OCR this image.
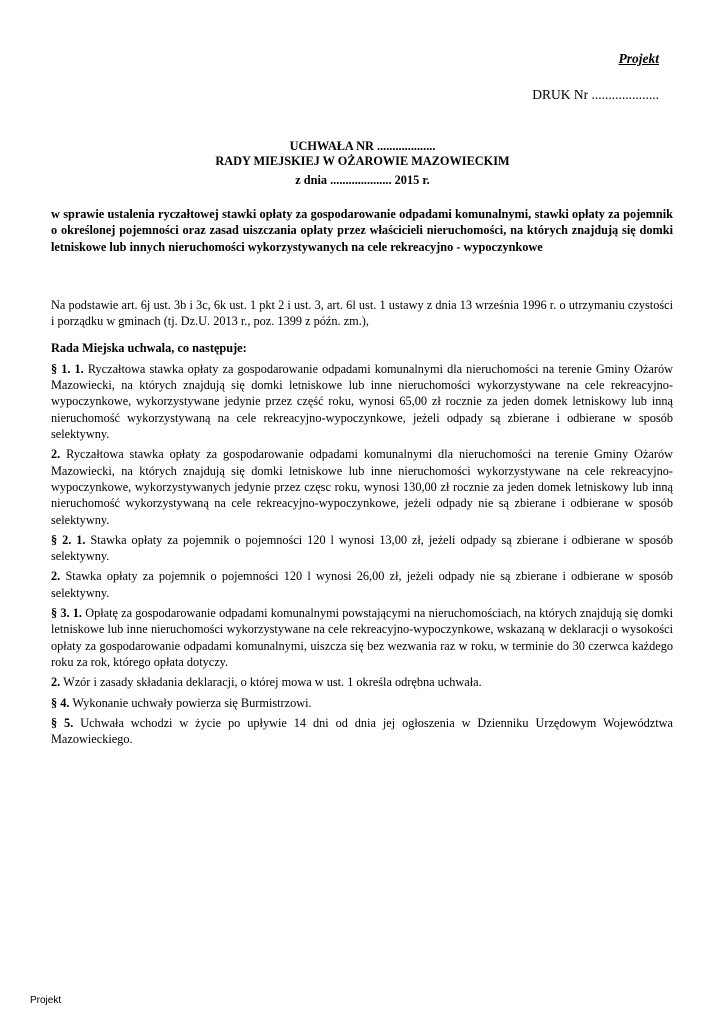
Projekt
DRUK Nr ....................
UCHWAŁA NR ...................
RADY MIEJSKIEJ W OŻAROWIE MAZOWIECKIM
z dnia .................... 2015 r.
w sprawie ustalenia ryczałtowej stawki opłaty za gospodarowanie odpadami komunalnymi, stawki opłaty za pojemnik o określonej pojemności oraz zasad uiszczania opłaty przez właścicieli nieruchomości, na których znajdują się domki letniskowe lub innych nieruchomości wykorzystywanych na cele rekreacyjno - wypoczynkowe

Na podstawie art. 6j ust. 3b i 3c, 6k ust. 1 pkt 2 i ust. 3, art. 6l ust. 1 ustawy z dnia 13 września 1996 r. o utrzymaniu czystości i porządku w gminach (tj. Dz.U. 2013 r., poz. 1399 z późn. zm.),

Rada Miejska uchwala, co następuje:

§ 1. 1. Ryczałtowa stawka opłaty za gospodarowanie odpadami komunalnymi dla nieruchomości na terenie Gminy Ożarów Mazowiecki, na których znajdują się domki letniskowe lub inne nieruchomości wykorzystywane na cele rekreacyjno-wypoczynkowe, wykorzystywane jedynie przez część roku, wynosi 65,00 zł rocznie za jeden domek letniskowy lub inną nieruchomość wykorzystywaną na cele rekreacyjno-wypoczynkowe, jeżeli odpady są zbierane i odbierane w sposób selektywny.

2. Ryczałtowa stawka opłaty za gospodarowanie odpadami komunalnymi dla nieruchomości na terenie Gminy Ożarów Mazowiecki, na których znajdują się domki letniskowe lub inne nieruchomości wykorzystywane na cele rekreacyjno-wypoczynkowe, wykorzystywanych jedynie przez częsc roku, wynosi 130,00 zł rocznie za jeden domek letniskowy lub inną nieruchomość wykorzystywaną na cele rekreacyjno-wypoczynkowe, jeżeli odpady nie są zbierane i odbierane w sposób selektywny.

§ 2. 1. Stawka opłaty za pojemnik o pojemności 120 l wynosi 13,00 zł, jeżeli odpady są zbierane i odbierane w sposób selektywny.

2. Stawka opłaty za pojemnik o pojemności 120 l wynosi 26,00 zł, jeżeli odpady nie są zbierane i odbierane w sposób selektywny.

§ 3. 1. Opłatę za gospodarowanie odpadami komunalnymi powstającymi na nieruchomościach, na których znajdują się domki letniskowe lub inne nieruchomości wykorzystywane na cele rekreacyjno-wypoczynkowe, wskazaną w deklaracji o wysokości opłaty za gospodarowanie odpadami komunalnymi, uiszcza się bez wezwania raz w roku, w terminie do 30 czerwca każdego roku za rok, którego opłata dotyczy.

2. Wzór i zasady składania deklaracji, o której mowa w ust. 1 określa odrębna uchwała.

§ 4. Wykonanie uchwały powierza się Burmistrzowi.

§ 5. Uchwała wchodzi w życie po upływie 14 dni od dnia jej ogłoszenia w Dzienniku Urzędowym Województwa Mazowieckiego.

Projekt
